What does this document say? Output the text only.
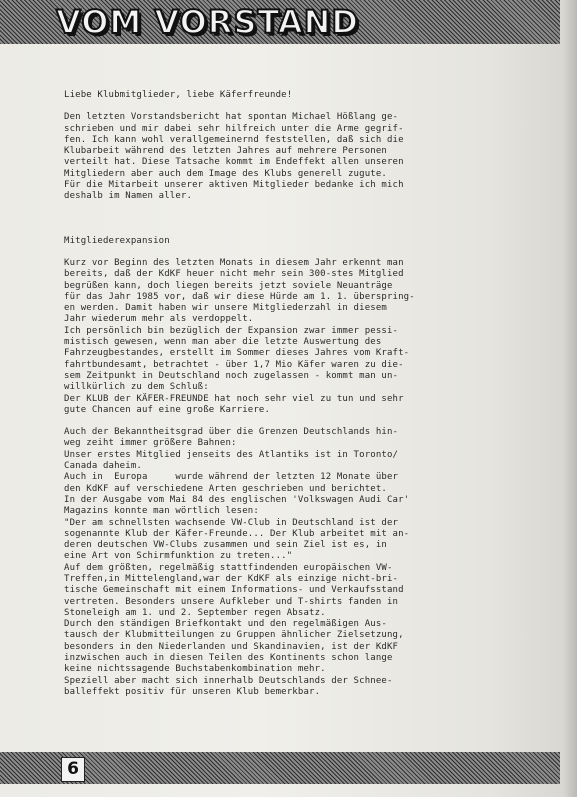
VOM VORSTAND

Liebe Klubmitglieder, liebe Käferfreunde!

Den letzten Vorstandsbericht hat spontan Michael Hößlang ge-

schrieben und mir dabei sehr hilfreich unter die Arme gegrif-

fen. Ich kann wohl verallgemeinernd feststellen, daß sich die

Klubarbeit während des letzten Jahres auf mehrere Personen

verteilt hat. Diese Tatsache kommt im Endeffekt allen unseren

Mitgliedern aber auch dem Image des Klubs generell zugute.

Für die Mitarbeit unserer aktiven Mitglieder bedanke ich mich

deshalb im Namen aller.

Mitgliederexpansion

Kurz vor Beginn des letzten Monats in diesem Jahr erkennt man

bereits, daß der KdKF heuer nicht mehr sein 300-stes Mitglied

begrüßen kann, doch liegen bereits jetzt soviele Neuanträge

für das Jahr 1985 vor, daß wir diese Hürde am 1. 1. überspring-

en werden. Damit haben wir unsere Mitgliederzahl in diesem

Jahr wiederum mehr als verdoppelt.

Ich persönlich bin bezüglich der Expansion zwar immer pessi-

mistisch gewesen, wenn man aber die letzte Auswertung des

Fahrzeugbestandes, erstellt im Sommer dieses Jahres vom Kraft-

fahrtbundesamt, betrachtet - über 1,7 Mio Käfer waren zu die-

sem Zeitpunkt in Deutschland noch zugelassen - kommt man un-

willkürlich zu dem Schluß:

Der KLUB der KÄFER-FREUNDE hat noch sehr viel zu tun und sehr

gute Chancen auf eine große Karriere.

Auch der Bekanntheitsgrad über die Grenzen Deutschlands hin-

weg zeiht immer größere Bahnen:

Unser erstes Mitglied jenseits des Atlantiks ist in Toronto/

Canada daheim.

Auch in  Europa     wurde während der letzten 12 Monate über

den KdKF auf verschiedene Arten geschrieben und berichtet.

In der Ausgabe vom Mai 84 des englischen 'Volkswagen Audi Car'

Magazins konnte man wörtlich lesen:

"Der am schnellsten wachsende VW-Club in Deutschland ist der

sogenannte Klub der Käfer-Freunde... Der Klub arbeitet mit an-

deren deutschen VW-Clubs zusammen und sein Ziel ist es, in

eine Art von Schirmfunktion zu treten..."

Auf dem größten, regelmäßig stattfindenden europäischen VW-

Treffen,in Mittelengland,war der KdKF als einzige nicht-bri-

tische Gemeinschaft mit einem Informations- und Verkaufsstand

vertreten. Besonders unsere Aufkleber und T-shirts fanden in

Stoneleigh am 1. und 2. September regen Absatz.

Durch den ständigen Briefkontakt und den regelmäßigen Aus-

tausch der Klubmitteilungen zu Gruppen ähnlicher Zielsetzung,

besonders in den Niederlanden und Skandinavien, ist der KdKF

inzwischen auch in diesen Teilen des Kontinents schon lange

keine nichtssagende Buchstabenkombination mehr.

Speziell aber macht sich innerhalb Deutschlands der Schnee-

balleffekt positiv für unseren Klub bemerkbar.

6
